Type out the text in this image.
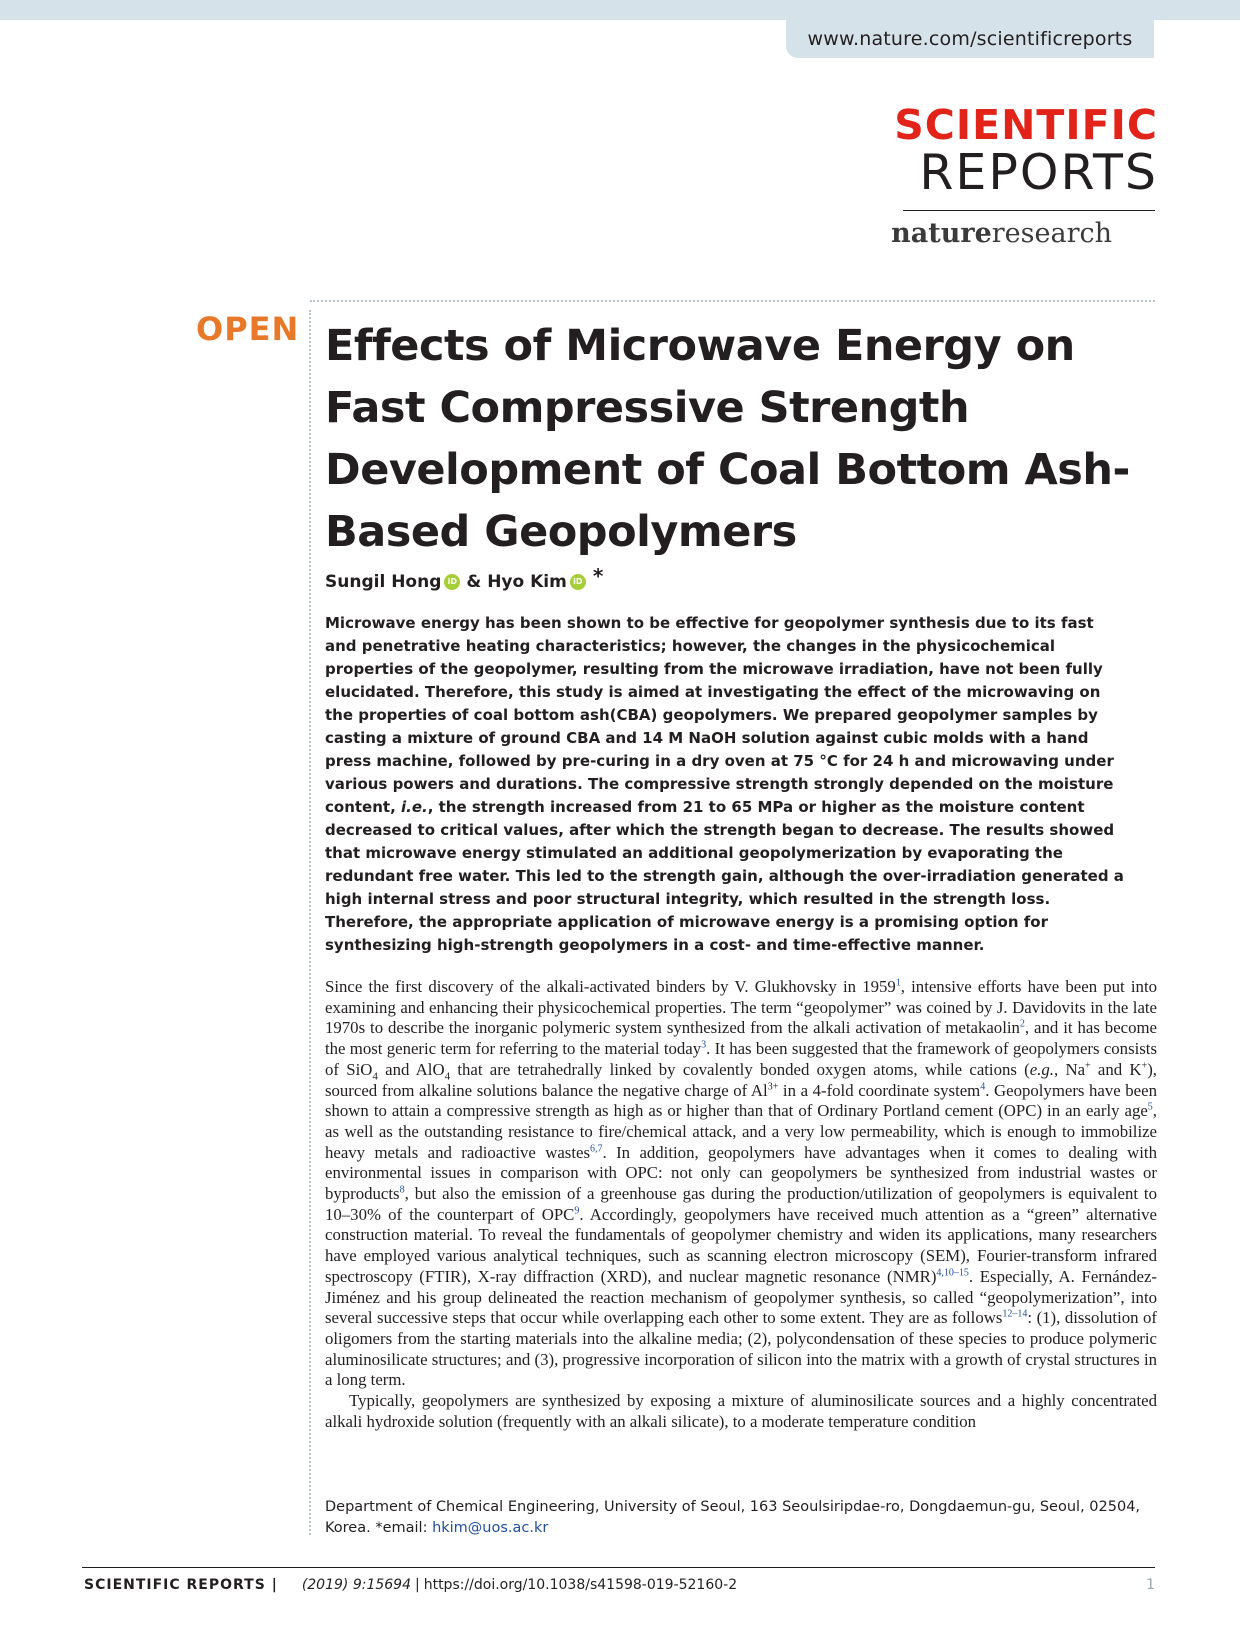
www.nature.com/scientificreports
SCIENTIFIC
REPORTS
natureresearch
OPEN Effects of Microwave Energy on Fast Compressive Strength Development of Coal Bottom Ash-Based Geopolymers
Sungil Hong iD & Hyo Kim iD *
Microwave energy has been shown to be effective for geopolymer synthesis due to its fast and penetrative heating characteristics; however, the changes in the physicochemical properties of the geopolymer, resulting from the microwave irradiation, have not been fully elucidated. Therefore, this study is aimed at investigating the effect of the microwaving on the properties of coal bottom ash(CBA) geopolymers. We prepared geopolymer samples by casting a mixture of ground CBA and 14 M NaOH solution against cubic molds with a hand press machine, followed by pre-curing in a dry oven at 75 °C for 24 h and microwaving under various powers and durations. The compressive strength strongly depended on the moisture content, i.e., the strength increased from 21 to 65 MPa or higher as the moisture content decreased to critical values, after which the strength began to decrease. The results showed that microwave energy stimulated an additional geopolymerization by evaporating the redundant free water. This led to the strength gain, although the over-irradiation generated a high internal stress and poor structural integrity, which resulted in the strength loss. Therefore, the appropriate application of microwave energy is a promising option for synthesizing high-strength geopolymers in a cost- and time-effective manner.

Since the first discovery of the alkali-activated binders by V. Glukhovsky in 1959$^1$, intensive efforts have been put into examining and enhancing their physicochemical properties. The term “geopolymer” was coined by J. Davidovits in the late 1970s to describe the inorganic polymeric system synthesized from the alkali activation of metakaolin$^2$, and it has become the most generic term for referring to the material today$^3$. It has been suggested that the framework of geopolymers consists of SiO$_4$ and AlO$_4$ that are tetrahedrally linked by covalently bonded oxygen atoms, while cations (e.g., Na+ and K+), sourced from alkaline solutions balance the negative charge of $Al^{3+}$ in a 4-fold coordinate system$^4$. Geopolymers have been shown to attain a compressive strength as high as or higher than that of Ordinary Portland cement (OPC) in an early age$^5$, as well as the outstanding resistance to fire/chemical attack, and a very low permeability, which is enough to immobilize heavy metals and radioactive wastes$^{6,7}$. In addition, geopolymers have advantages when it comes to dealing with environmental issues in comparison with OPC: not only can geopolymers be synthesized from industrial wastes or byproducts$^8$, but also the emission of a greenhouse gas during the production/utilization of geopolymers is equivalent to 10–30% of the counterpart of OPC$^9$. Accordingly, geopolymers have received much attention as a “green” alternative construction material. To reveal the fundamentals of geopolymer chemistry and widen its applications, many researchers have employed various analytical techniques, such as scanning electron microscopy (SEM), Fourier-transform infrared spectroscopy (FTIR), X-ray diffraction (XRD), and nuclear magnetic resonance (NMR)$^{4,10-15}$. Especially, A. Fernández-Jiménez and his group delineated the reaction mechanism of geopolymer synthesis, so called “geopolymerization”, into several successive steps that occur while overlapping each other to some extent. They are as follows$^{12-14}$: (1), dissolution of oligomers from the starting materials into the alkaline media; (2), polycondensation of these species to produce polymeric aluminosilicate structures; and (3), progressive incorporation of silicon into the matrix with a growth of crystal structures in a long term.

Typically, geopolymers are synthesized by exposing a mixture of aluminosilicate sources and a highly concentrated alkali hydroxide solution (frequently with an alkali silicate), to a moderate temperature condition

Department of Chemical Engineering, University of Seoul, 163 Seoulsiripdae-ro, Dongdaemun-gu, Seoul, 02504, Korea. *email: hkim@uos.ac.kr
SCIENTIFIC REPORTS | (2019) 9:15694 | https://doi.org/10.1038/s41598-019-52160-2	1
